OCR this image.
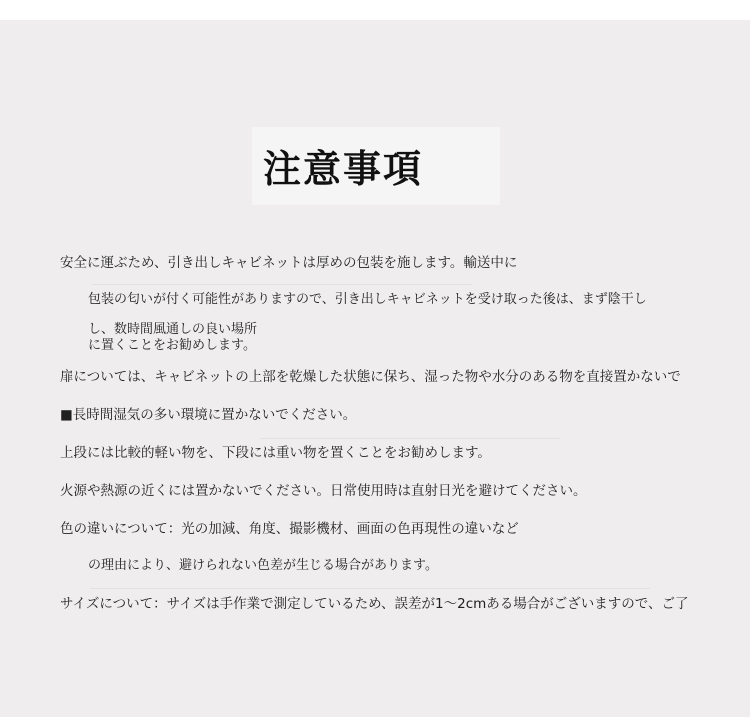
注意事項
安全に運ぶため、引き出しキャビネットは厚めの包装を施します。輸送中に
包装の匂いが付く可能性がありますので、引き出しキャビネットを受け取った後は、まず陰干し
し、数時間風通しの良い場所
に置くことをお勧めします。
扉については、キャビネットの上部を乾燥した状態に保ち、湿った物や水分のある物を直接置かないで
■長時間湿気の多い環境に置かないでください。
上段には比較的軽い物を、下段には重い物を置くことをお勧めします。
火源や熱源の近くには置かないでください。日常使用時は直射日光を避けてください。
色の違いについて：光の加減、角度、撮影機材、画面の色再現性の違いなど
の理由により、避けられない色差が生じる場合があります。
サイズについて：サイズは手作業で測定しているため、誤差が1〜2cmある場合がございますので、ご了
